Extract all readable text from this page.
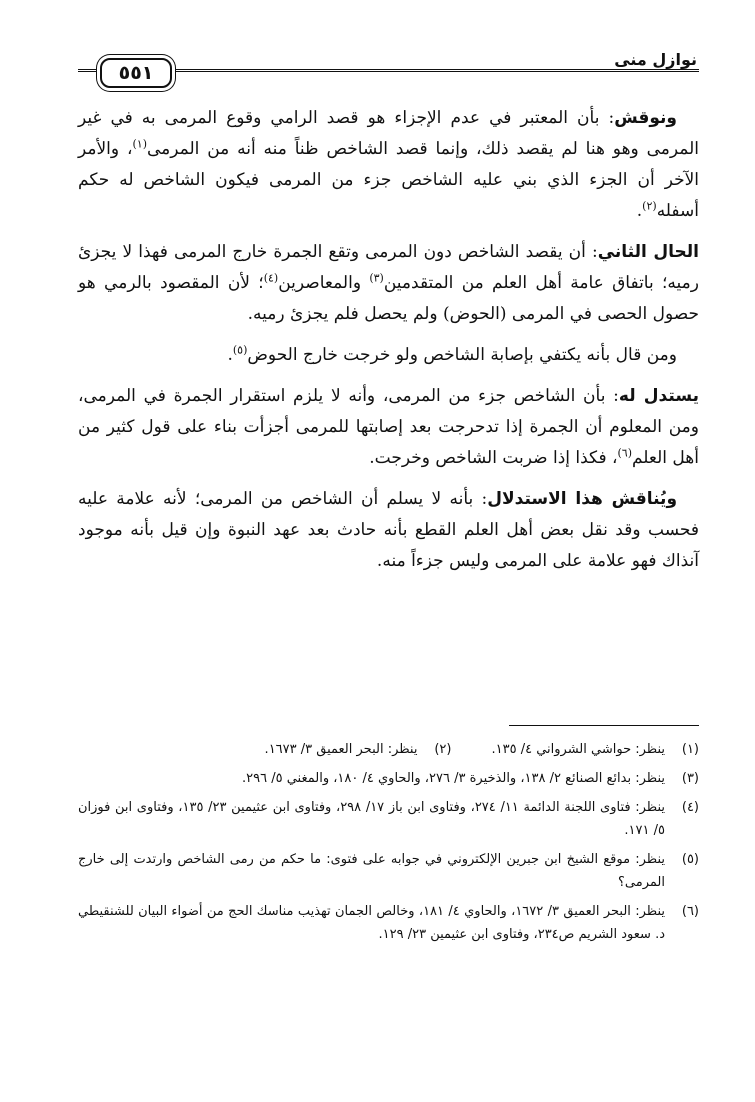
نوازل منى
٥٥١

ونوقش: بأن المعتبر في عدم الإجزاء هو قصد الرامي وقوع المرمى به في غير المرمى وهو هنا لم يقصد ذلك، وإنما قصد الشاخص ظناً منه أنه من المرمى$^{(١)}$، والأمر الآخر أن الجزء الذي بني عليه الشاخص جزء من المرمى فيكون الشاخص له حكم أسفله$^{(٢)}$.

الحال الثاني: أن يقصد الشاخص دون المرمى وتقع الجمرة خارج المرمى فهذا لا يجزئ رميه؛ باتفاق عامة أهل العلم من المتقدمين$^{(٣)}$ والمعاصرين$^{(٤)}$؛ لأن المقصود بالرمي هو حصول الحصى في المرمى (الحوض) ولم يحصل فلم يجزئ رميه.

ومن قال بأنه يكتفي بإصابة الشاخص ولو خرجت خارج الحوض$^{(٥)}$.

يستدل له: بأن الشاخص جزء من المرمى، وأنه لا يلزم استقرار الجمرة في المرمى، ومن المعلوم أن الجمرة إذا تدحرجت بعد إصابتها للمرمى أجزأت بناء على قول كثير من أهل العلم$^{(٦)}$، فكذا إذا ضربت الشاخص وخرجت.

ويُناقش هذا الاستدلال: بأنه لا يسلم أن الشاخص من المرمى؛ لأنه علامة عليه فحسب وقد نقل بعض أهل العلم القطع بأنه حادث بعد عهد النبوة وإن قيل بأنه موجود آنذاك فهو علامة على المرمى وليس جزءاً منه.

(١)
ينظر: حواشي الشرواني ٤/ ١٣٥.
(٢)
ينظر: البحر العميق ٣/ ١٦٧٣.
(٣)
ينظر: بدائع الصنائع ٢/ ١٣٨، والذخيرة ٣/ ٢٧٦، والحاوي ٤/ ١٨٠، والمغني ٥/ ٢٩٦.
(٤)
ينظر: فتاوى اللجنة الدائمة ١١/ ٢٧٤، وفتاوى ابن باز ١٧/ ٢٩٨، وفتاوى ابن عثيمين ٢٣/ ١٣٥، وفتاوى ابن فوزان ٥/ ١٧١.
(٥)
ينظر: موقع الشيخ ابن جبرين الإلكتروني في جوابه على فتوى: ما حكم من رمى الشاخص وارتدت إلى خارج المرمى؟
(٦)
ينظر: البحر العميق ٣/ ١٦٧٢، والحاوي ٤/ ١٨١، وخالص الجمان تهذيب مناسك الحج من أضواء البيان للشنقيطي د. سعود الشريم ص٢٣٤، وفتاوى ابن عثيمين ٢٣/ ١٢٩.
